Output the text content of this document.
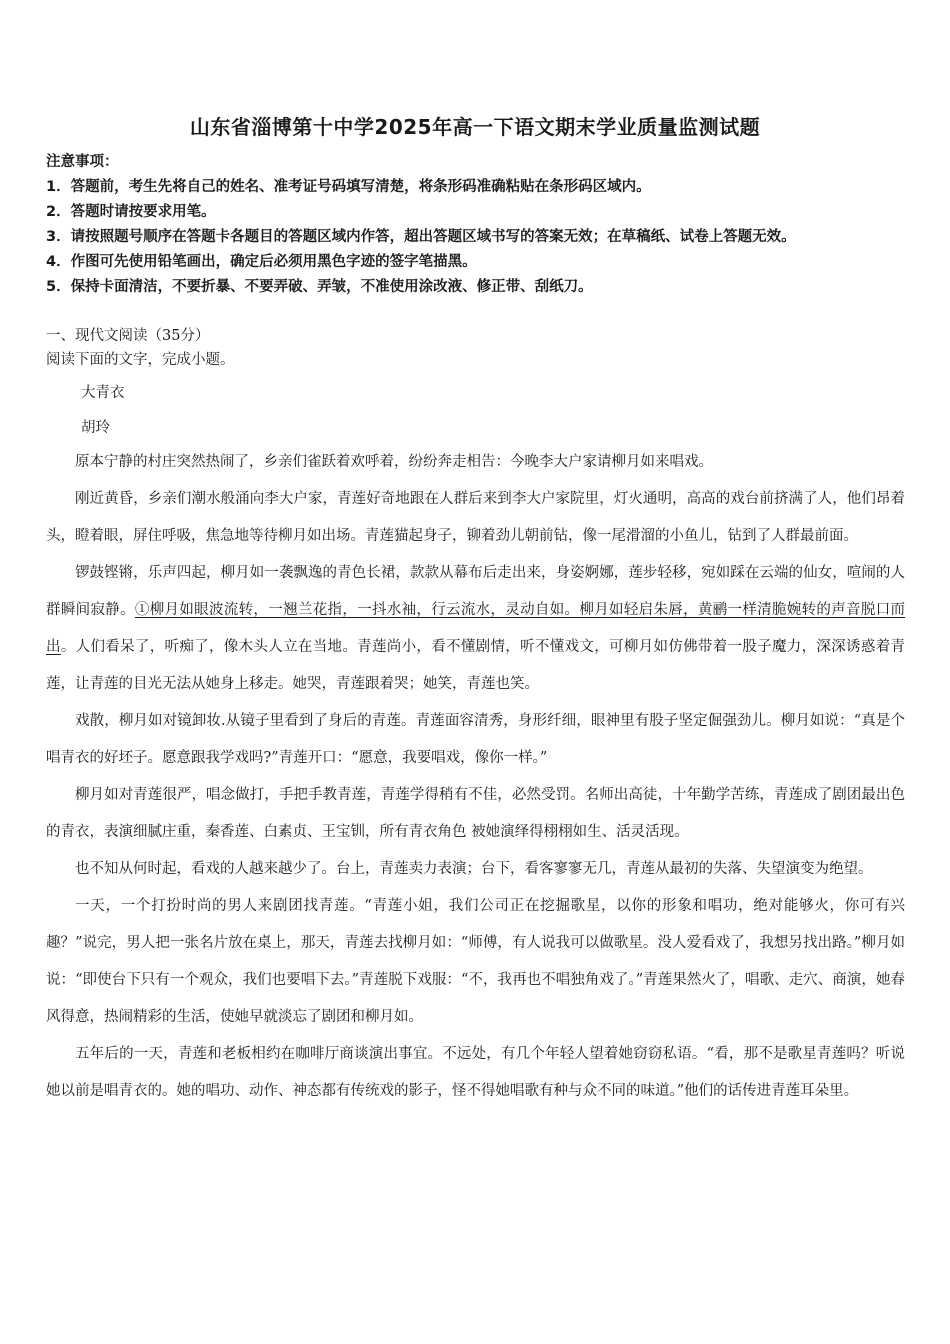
山东省淄博第十中学2025年高一下语文期末学业质量监测试题
注意事项：
1．答题前，考生先将自己的姓名、准考证号码填写清楚，将条形码准确粘贴在条形码区域内。
2．答题时请按要求用笔。
3．请按照题号顺序在答题卡各题目的答题区域内作答，超出答题区域书写的答案无效；在草稿纸、试卷上答题无效。
4．作图可先使用铅笔画出，确定后必须用黑色字迹的签字笔描黑。
5．保持卡面清洁，不要折暴、不要弄破、弄皱，不准使用涂改液、修正带、刮纸刀。
一、现代文阅读（35分）
阅读下面的文字，完成小题。
大青衣
胡玲

原本宁静的村庄突然热闹了，乡亲们雀跃着欢呼着，纷纷奔走相告：今晚李大户家请柳月如来唱戏。

刚近黄昏，乡亲们潮水般涌向李大户家，青莲好奇地跟在人群后来到李大户家院里，灯火通明，高高的戏台前挤满了人，他们昂着头，瞪着眼，屏住呼吸，焦急地等待柳月如出场。青莲猫起身子，铆着劲儿朝前钻，像一尾滑溜的小鱼儿，钻到了人群最前面。

锣鼓铿锵，乐声四起，柳月如一袭飘逸的青色长裙，款款从幕布后走出来，身姿婀娜，莲步轻移，宛如踩在云端的仙女，喧闹的人群瞬间寂静。①柳月如眼波流转，一翘兰花指，一抖水袖，行云流水，灵动自如。柳月如轻启朱唇，黄鹂一样清脆婉转的声音脱口而出。人们看呆了，听痴了，像木头人立在当地。青莲尚小，看不懂剧情，听不懂戏文，可柳月如仿佛带着一股子魔力，深深诱惑着青莲，让青莲的目光无法从她身上移走。她哭，青莲跟着哭；她笑，青莲也笑。

戏散，柳月如对镜卸妆.从镜子里看到了身后的青莲。青莲面容清秀，身形纤细，眼神里有股子坚定倔强劲儿。柳月如说：“真是个唱青衣的好坯子。愿意跟我学戏吗?”青莲开口：“愿意，我要唱戏，像你一样。”

柳月如对青莲很严，唱念做打，手把手教青莲，青莲学得稍有不佳，必然受罚。名师出高徒，十年勤学苦练，青莲成了剧团最出色的青衣，表演细腻庄重，秦香莲、白素贞、王宝钏，所有青衣角色 被她演绎得栩栩如生、活灵活现。

也不知从何时起，看戏的人越来越少了。台上，青莲卖力表演；台下，看客寥寥无几，青莲从最初的失落、失望演变为绝望。

一天，一个打扮时尚的男人来剧团找青莲。“青莲小姐，我们公司正在挖掘歌星，以你的形象和唱功，绝对能够火，你可有兴趣？”说完，男人把一张名片放在桌上，那天，青莲去找柳月如：“师傅，有人说我可以做歌星。没人爱看戏了，我想另找出路。”柳月如说：“即使台下只有一个观众，我们也要唱下去。”青莲脱下戏服：“不，我再也不唱独角戏了。”青莲果然火了，唱歌、走穴、商演，她春风得意，热闹精彩的生活，使她早就淡忘了剧团和柳月如。

五年后的一天，青莲和老板相约在咖啡厅商谈演出事宜。不远处，有几个年轻人望着她窃窃私语。“看，那不是歌星青莲吗？听说她以前是唱青衣的。她的唱功、动作、神态都有传统戏的影子，怪不得她唱歌有种与众不同的味道。”他们的话传进青莲耳朵里。
